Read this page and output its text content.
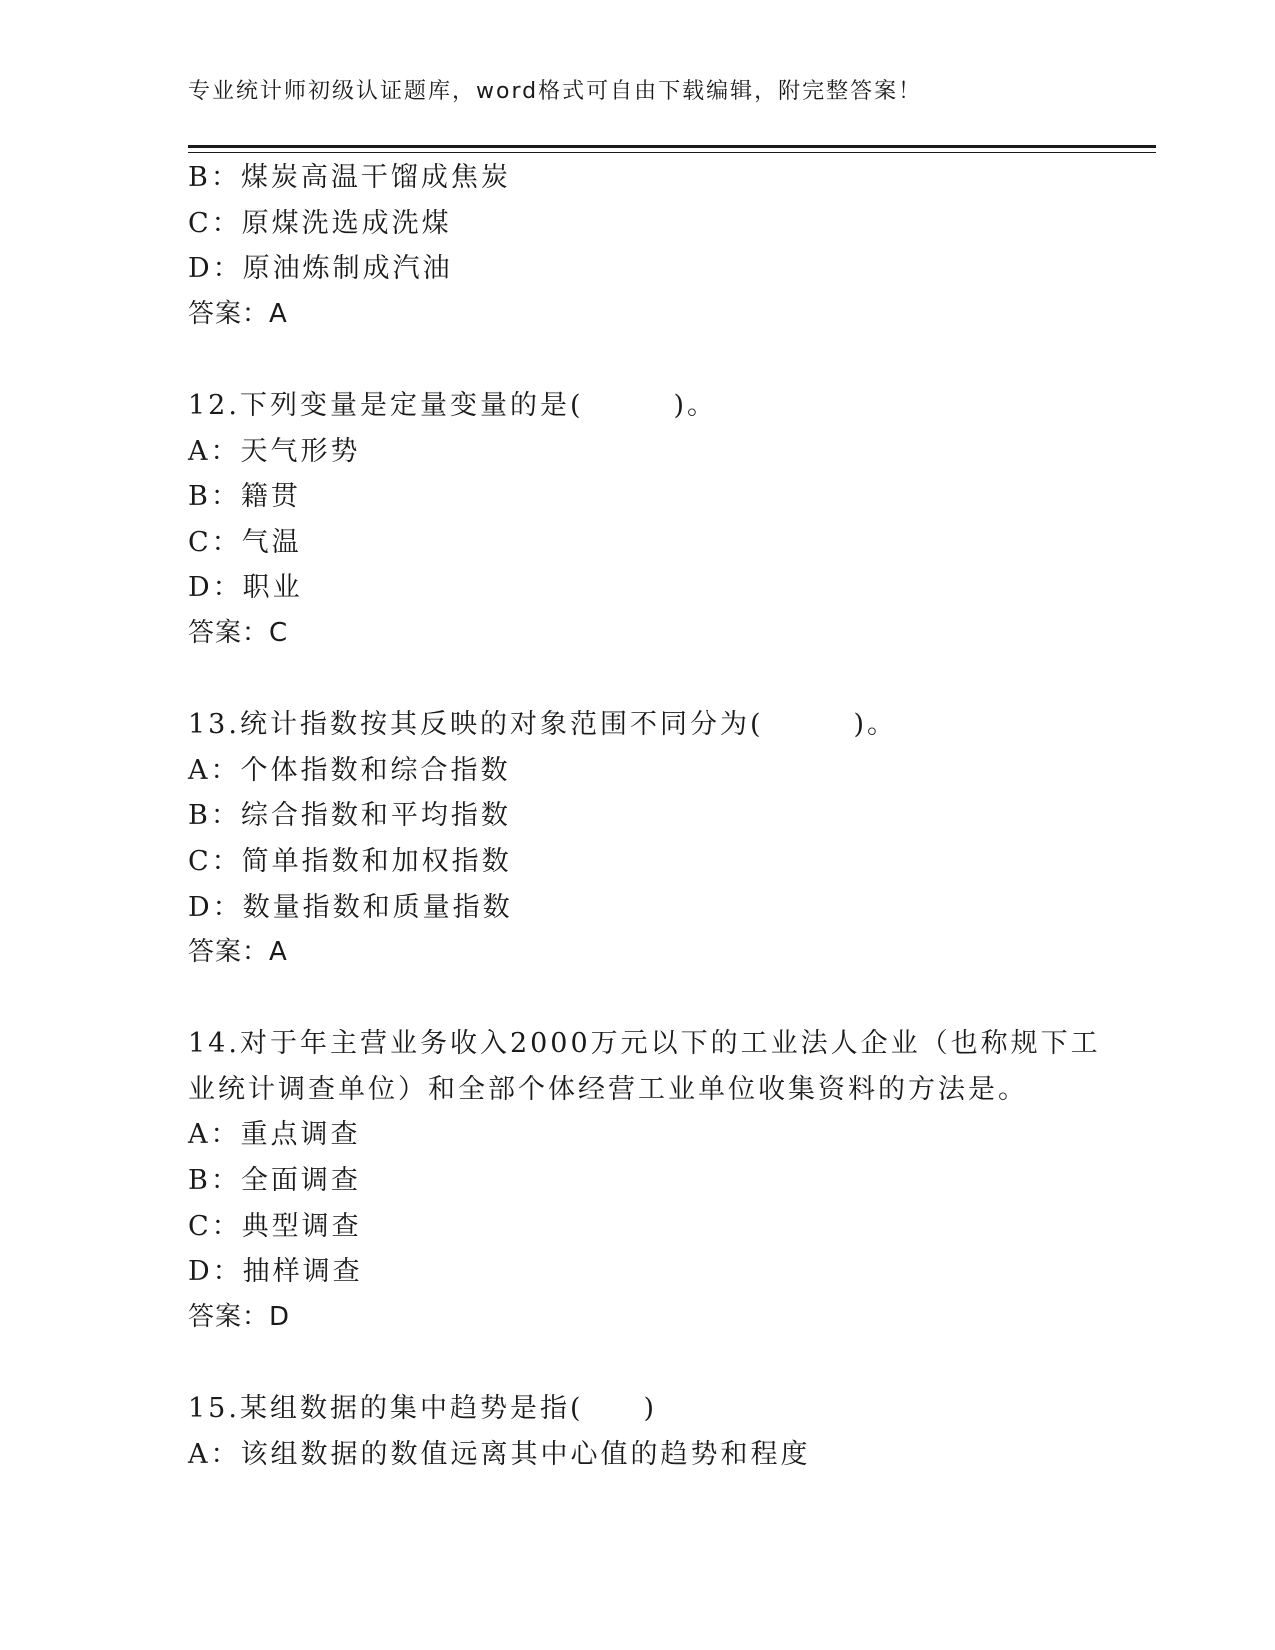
专业统计师初级认证题库，word格式可自由下载编辑，附完整答案！
B：煤炭高温干馏成焦炭
C：原煤洗选成洗煤
D：原油炼制成汽油
答案：A
12.下列变量是定量变量的是(　　　)。
A：天气形势
B：籍贯
C：气温
D：职业
答案：C
13.统计指数按其反映的对象范围不同分为(　　　)。
A：个体指数和综合指数
B：综合指数和平均指数
C：简单指数和加权指数
D：数量指数和质量指数
答案：A
14.对于年主营业务收入2000万元以下的工业法人企业（也称规下工
业统计调查单位）和全部个体经营工业单位收集资料的方法是。
A：重点调查
B：全面调查
C：典型调查
D：抽样调查
答案：D
15.某组数据的集中趋势是指(　　)
A：该组数据的数值远离其中心值的趋势和程度
